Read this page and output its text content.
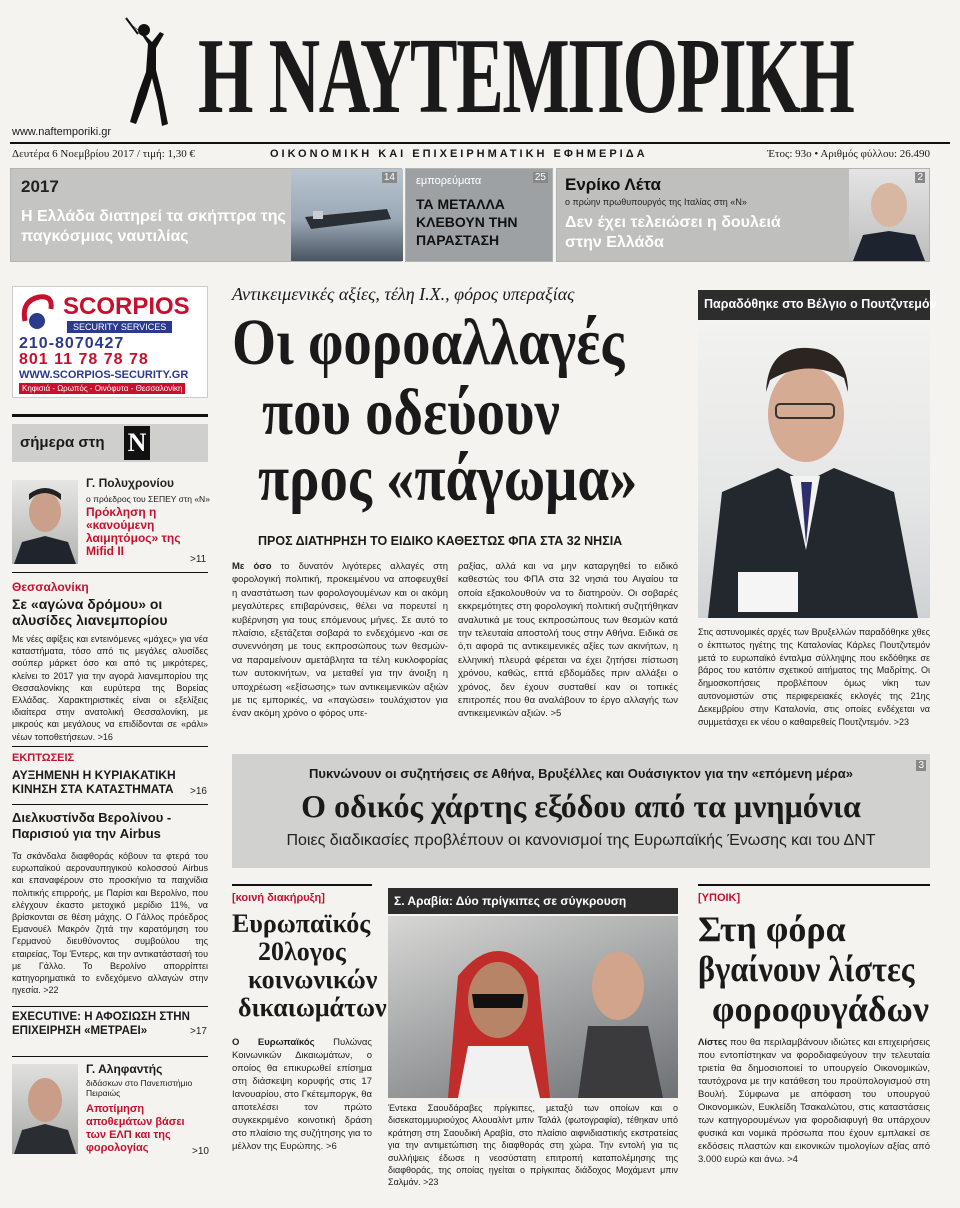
Η ΝΑΥΤΕΜΠΟΡΙΚΗ
www.naftemporiki.gr
Δευτέρα 6 Νοεμβρίου 2017 / τιμή: 1,30 €	ΟΙΚΟΝΟΜΙΚΗ ΚΑΙ ΕΠΙΧΕΙΡΗΜΑΤΙΚΗ ΕΦΗΜΕΡΙΔΑ	Έτος: 93ο • Αριθμός φύλλου: 26.490
2017
Η Ελλάδα διατηρεί τα σκήπτρα της παγκόσμιας ναυτιλίας
14 εμπορεύματα
ΤΑ ΜΕΤΑΛΛΑ ΚΛΕΒΟΥΝ ΤΗΝ ΠΑΡΑΣΤΑΣΗ
25 Ενρίκο Λέτα
ο πρώην πρωθυπουργός της Ιταλίας στη «Ν»
Δεν έχει τελειώσει η δουλειά στην Ελλάδα
2
SCORPIOS
SECURITY SERVICES
210-8070427
801 11 78 78 78
WWW.SCORPIOS-SECURITY.GR
Κηφισιά - Ωρωπός - Οινόφυτα - Θεσσαλονίκη
σήμερα στη N
Γ. Πολυχρονίου
ο πρόεδρος του ΣΕΠΕΥ στη «Ν»
Πρόκληση η «κανούμενη λαιμητόμος» της Mifid II
>11
Θεσσαλονίκη
Σε «αγώνα δρόμου» οι αλυσίδες λιανεμπορίου
Με νέες αφίξεις και εντεινόμενες «μάχες» για νέα καταστήματα, τόσο από τις μεγάλες αλυσίδες σούπερ μάρκετ όσο και από τις μικρότερες, κλείνει το 2017 για την αγορά λιανεμπορίου της Θεσσαλονίκης και ευρύτερα της Βορείας Ελλάδας. Χαρακτηριστικές είναι οι εξελίξεις ιδιαίτερα στην ανατολική Θεσσαλονίκη, με μικρούς και μεγάλους να επιδίδονται σε «ράλι» νέων τοποθετήσεων. >16
ΕΚΠΤΩΣΕΙΣ
ΑΥΞΗΜΕΝΗ Η ΚΥΡΙΑΚΑΤΙΚΗ ΚΙΝΗΣΗ ΣΤΑ ΚΑΤΑΣΤΗΜΑΤΑ	>16
Διελκυστίνδα Βερολίνου - Παρισιού για την Airbus
Τα σκάνδαλα διαφθοράς κόβουν τα φτερά του ευρωπαϊκού αεροναυπηγικού κολοσσού Airbus και επαναφέρουν στο προσκήνιο τα παιχνίδια πολιτικής επιρροής, με Παρίσι και Βερολίνο, που ελέγχουν έκαστο μετοχικό μερίδιο 11%, να βρίσκονται σε θέση μάχης. Ο Γάλλος πρόεδρος Εμανουέλ Μακρόν ζητά την καρατόμηση του Γερμανού διευθύνοντος συμβούλου της εταιρείας, Τομ Έντερς, και την αντικατάστασή του με Γάλλο. Το Βερολίνο απορρίπτει κατηγορηματικά το ενδεχόμενο αλλαγών στην ηγεσία. >22
EXECUTIVE: Η ΑΦΟΣΙΩΣΗ ΣΤΗΝ ΕΠΙΧΕΙΡΗΣΗ «ΜΕΤΡΑΕΙ»	>17
Γ. Αληφαντής
διδάσκων στο Πανεπιστήμιο Πειραιώς
Αποτίμηση αποθεμάτων βάσει των ΕΛΠ και της φορολογίας	>10
Αντικειμενικές αξίες, τέλη Ι.Χ., φόρος υπεραξίας
Οι φοροαλλαγές
που οδεύουν
προς «πάγωμα»
ΠΡΟΣ ΔΙΑΤΗΡΗΣΗ ΤΟ ΕΙΔΙΚΟ ΚΑΘΕΣΤΩΣ ΦΠΑ ΣΤΑ 32 ΝΗΣΙΑ
Με όσο το δυνατόν λιγότερες αλλαγές στη φορολογική πολιτική, προκειμένου να αποφευχθεί η αναστάτωση των φορολογουμένων και οι ακόμη μεγαλύτερες επιβαρύνσεις, θέλει να πορευτεί η κυβέρνηση για τους επόμενους μήνες. Σε αυτό το πλαίσιο, εξετάζεται σοβαρά το ενδεχόμενο -και σε συνεννόηση με τους εκπροσώπους των θεσμών- να παραμείνουν αμετάβλητα τα τέλη κυκλοφορίας των αυτοκινήτων, να μεταθεί για την άνοιξη η υποχρέωση «εξίσωσης» των αντικειμενικών αξιών με τις εμπορικές, να «παγώσει» τουλάχιστον για έναν ακόμη χρόνο ο φόρος υπε-
ραξίας, αλλά και να μην καταργηθεί το ειδικό καθεστώς του ΦΠΑ στα 32 νησιά του Αιγαίου τα οποία εξακολουθούν να το διατηρούν. Οι σοβαρές εκκρεμότητες στη φορολογική πολιτική συζητήθηκαν αναλυτικά με τους εκπροσώπους των θεσμών κατά την τελευταία αποστολή τους στην Αθήνα. Ειδικά σε ό,τι αφορά τις αντικειμενικές αξίες των ακινήτων, η ελληνική πλευρά φέρεται να έχει ζητήσει πίστωση χρόνου, καθώς, επτά εβδομάδες πριν αλλάξει ο χρόνος, δεν έχουν συσταθεί καν οι τοπικές επιτροπές που θα αναλάβουν το έργο αλλαγής των αντικειμενικών αξιών. >5
Παραδόθηκε στο Βέλγιο ο Πουτζντεμόν
Στις αστυνομικές αρχές των Βρυξελλών παραδόθηκε χθες ο έκπτωτος ηγέτης της Καταλονίας Κάρλες Πουτζντεμόν μετά το ευρωπαϊκό ένταλμα σύλληψης που εκδόθηκε σε βάρος του κατόπιν σχετικού αιτήματος της Μαδρίτης. Οι δημοσκοπήσεις προβλέπουν όμως νίκη των αυτονομιστών στις περιφερειακές εκλογές της 21ης Δεκεμβρίου στην Καταλονία, στις οποίες ενδέχεται να συμμετάσχει εκ νέου ο καθαιρεθείς Πουτζντεμόν. >23
Πυκνώνουν οι συζητήσεις σε Αθήνα, Βρυξέλλες και Ουάσιγκτον για την «επόμενη μέρα»
Ο οδικός χάρτης εξόδου από τα μνημόνια
Ποιες διαδικασίες προβλέπουν οι κανονισμοί της Ευρωπαϊκής Ένωσης και του ΔΝΤ
3
[κοινή διακήρυξη]
Ευρωπαϊκός
20λογος
κοινωνικών
δικαιωμάτων
Ο Ευρωπαϊκός Πυλώνας Κοινωνικών Δικαιωμάτων, ο οποίος θα επικυρωθεί επίσημα στη διάσκεψη κορυφής στις 17 Ιανουαρίου, στο Γκέτεμποργκ, θα αποτελέσει τον πρώτο συγκεκριμένο κοινοτική δράση στο πλαίσιο της συζήτησης για το μέλλον της Ευρώπης. >6
Σ. Αραβία: Δύο πρίγκιπες σε σύγκρουση
Έντεκα Σαουδάραβες πρίγκιπες, μεταξύ των οποίων και ο δισεκατομμυριούχος Αλουαλίντ μπιν Ταλάλ (φωτογραφία), τέθηκαν υπό κράτηση στη Σαουδική Αραβία, στο πλαίσιο αιφνιδιαστικής εκστρατείας για την αντιμετώπιση της διαφθοράς στη χώρα. Την εντολή για τις συλλήψεις έδωσε η νεοσύστατη επιτροπή καταπολέμησης της διαφθοράς, της οποίας ηγείται ο πρίγκιπας διάδοχος Μοχάμεντ μπιν Σαλμάν. >23
[ΥΠΟΙΚ]
Στη φόρα
βγαίνουν λίστες
φοροφυγάδων
Λίστες που θα περιλαμβάνουν ιδιώτες και επιχειρήσεις που εντοπίστηκαν να φοροδιαφεύγουν την τελευταία τριετία θα δημοσιοποιεί το υπουργείο Οικονομικών, ταυτόχρονα με την κατάθεση του προϋπολογισμού στη Βουλή. Σύμφωνα με απόφαση του υπουργού Οικονομικών, Ευκλείδη Τσακαλώτου, στις καταστάσεις των κατηγορουμένων για φοροδιαφυγή θα υπάρχουν φυσικά και νομικά πρόσωπα που έχουν εμπλακεί σε εκδόσεις πλαστών και εικονικών τιμολογίων αξίας από 3.000 ευρώ και άνω. >4
